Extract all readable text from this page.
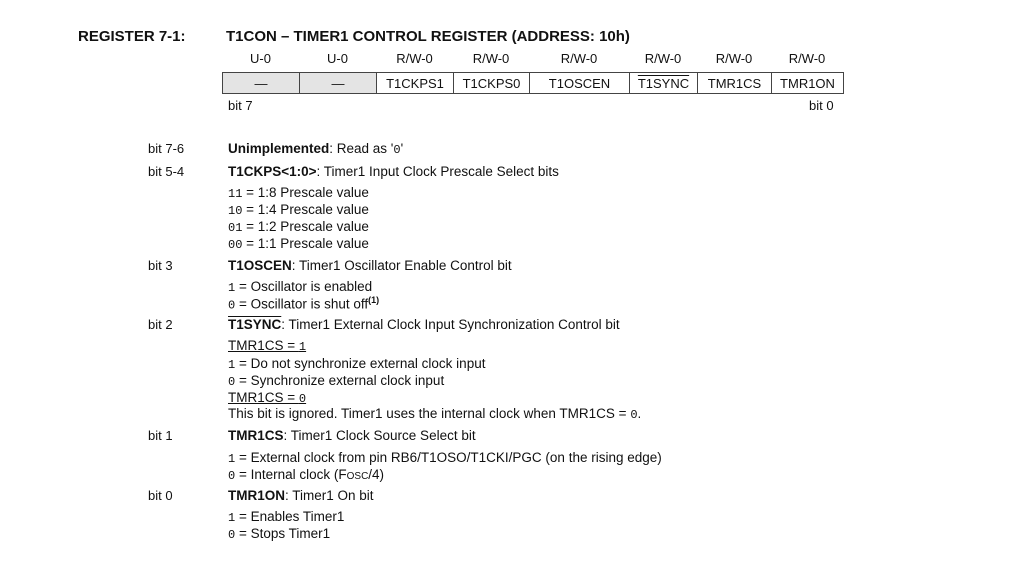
REGISTER 7-1:	T1CON – TIMER1 CONTROL REGISTER (ADDRESS: 10h)
U-0	U-0	R/W-0	R/W-0	R/W-0	R/W-0	R/W-0	R/W-0
—	—	T1CKPS1	T1CKPS0	T1OSCEN	T1SYNC	TMR1CS	TMR1ON
bit 7	bit 0
bit 7-6	Unimplemented: Read as '0'
bit 5-4	T1CKPS<1:0>: Timer1 Input Clock Prescale Select bits
11 = 1:8 Prescale value
10 = 1:4 Prescale value
01 = 1:2 Prescale value
00 = 1:1 Prescale value
bit 3	T1OSCEN: Timer1 Oscillator Enable Control bit
1 = Oscillator is enabled
0 = Oscillator is shut off$^{(1)}$
bit 2	T1SYNC: Timer1 External Clock Input Synchronization Control bit
TMR1CS = 1
1 = Do not synchronize external clock input
0 = Synchronize external clock input
TMR1CS = 0
This bit is ignored. Timer1 uses the internal clock when TMR1CS = 0.
bit 1	TMR1CS: Timer1 Clock Source Select bit
1 = External clock from pin RB6/T1OSO/T1CKI/PGC (on the rising edge)
0 = Internal clock (FOSC/4)
bit 0	TMR1ON: Timer1 On bit
1 = Enables Timer1
0 = Stops Timer1
